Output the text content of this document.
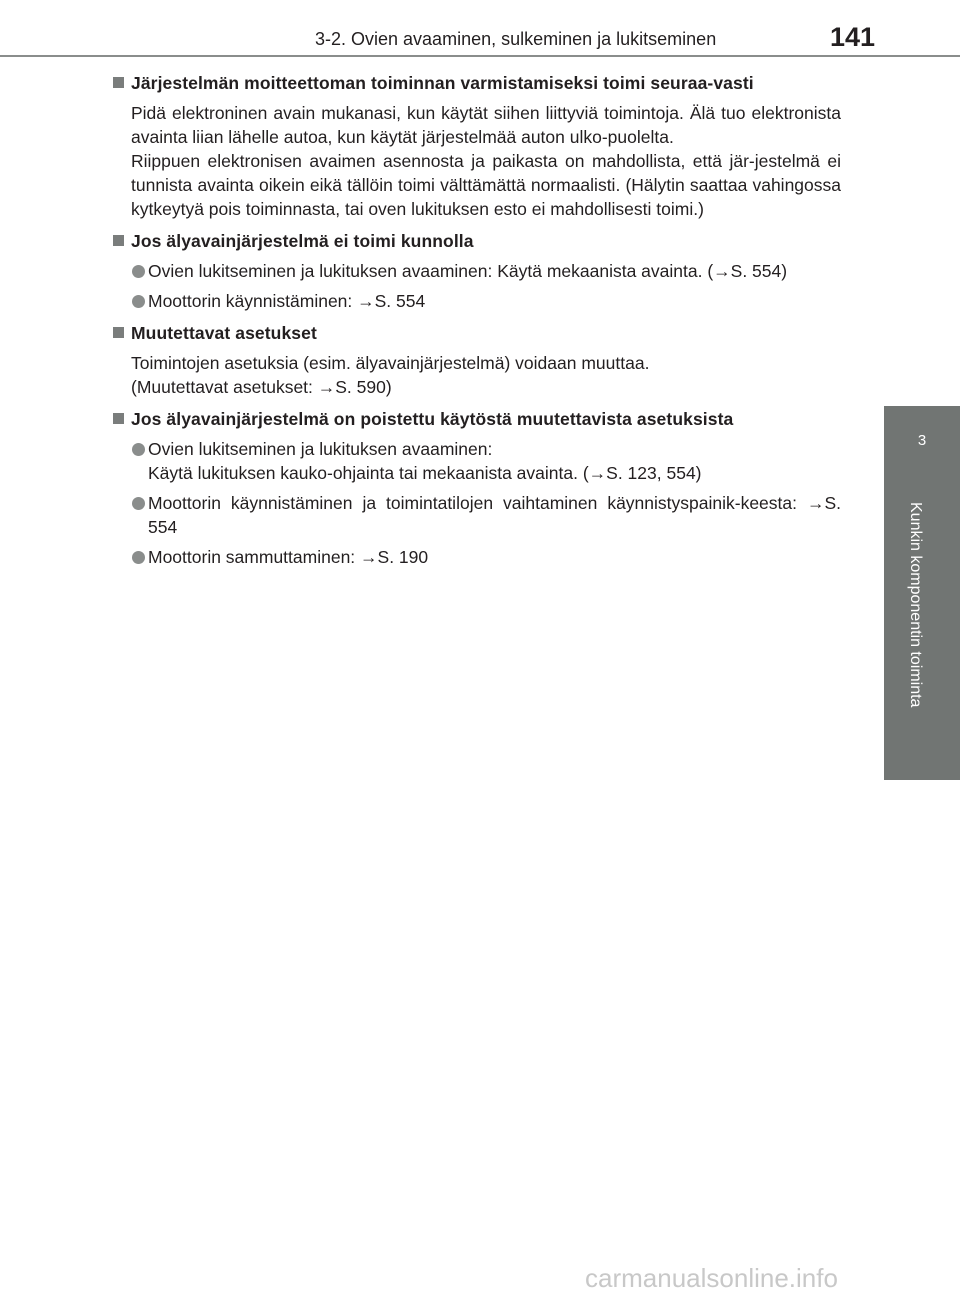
3-2. Ovien avaaminen, sulkeminen ja lukitseminen	141
3
Kunkin komponentin toiminta
Järjestelmän moitteettoman toiminnan varmistamiseksi toimi seuraa-vasti
Pidä elektroninen avain mukanasi, kun käytät siihen liittyviä toimintoja. Älä tuo elektronista avainta liian lähelle autoa, kun käytät järjestelmää auton ulko-puolelta.
Riippuen elektronisen avaimen asennosta ja paikasta on mahdollista, että jär-jestelmä ei tunnista avainta oikein eikä tällöin toimi välttämättä normaalisti. (Hälytin saattaa vahingossa kytkeytyä pois toiminnasta, tai oven lukituksen esto ei mahdollisesti toimi.)
Jos älyavainjärjestelmä ei toimi kunnolla
Ovien lukitseminen ja lukituksen avaaminen: Käytä mekaanista avainta. (→S. 554)
Moottorin käynnistäminen: →S. 554
Muutettavat asetukset
Toimintojen asetuksia (esim. älyavainjärjestelmä) voidaan muuttaa.
(Muutettavat asetukset: →S. 590)
Jos älyavainjärjestelmä on poistettu käytöstä muutettavista asetuksista
Ovien lukitseminen ja lukituksen avaaminen:
Käytä lukituksen kauko-ohjainta tai mekaanista avainta. (→S. 123, 554)
Moottorin käynnistäminen ja toimintatilojen vaihtaminen käynnistyspainik-keesta: →S. 554
Moottorin sammuttaminen: →S. 190
carmanualsonline.info
